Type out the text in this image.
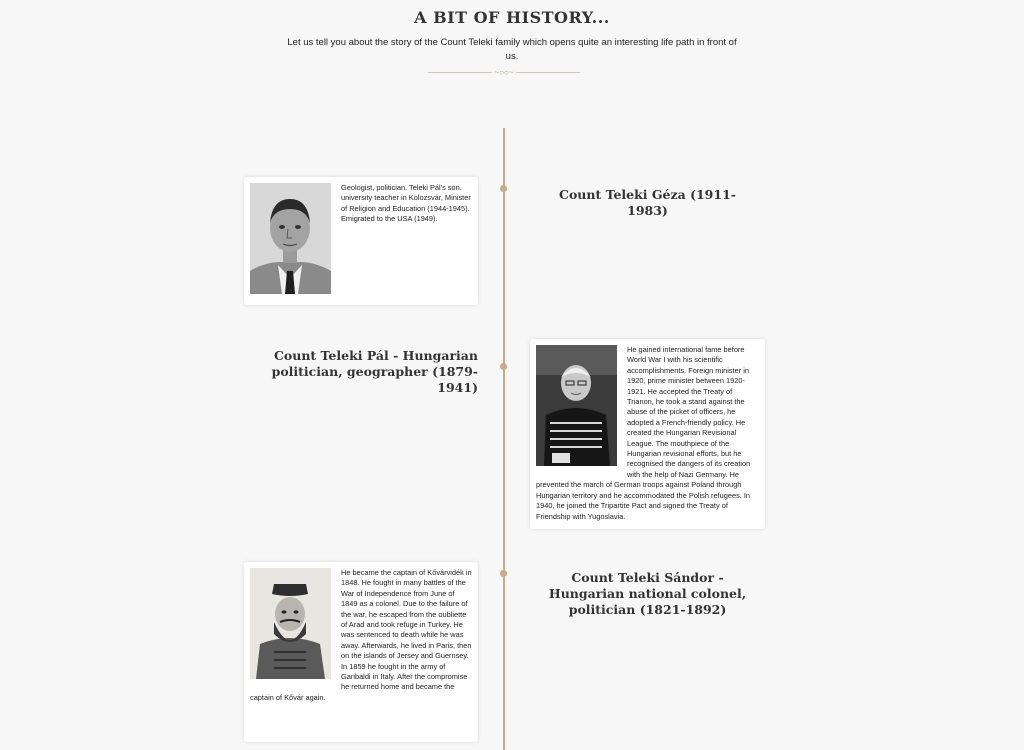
A BIT OF HISTORY...
Let us tell you about the story of the Count Teleki family which opens quite an interesting life path in front of us.
~○○~

Geologist, politician. Teleki Pál's son. university teacher in Kolozsvár, Minister of Religion and Education (1944-1945). Emigrated to the USA (1949).

Count Teleki Géza (1911-1983)
Count Teleki Pál - Hungarian politician, geographer (1879- 1941)

He gained international fame before World War I with his scientific accomplishments. Foreign minister in 1920, prime minister between 1920-1921. He accepted the Treaty of Trianon, he took a stand against the abuse of the picket of officers, he adopted a French-friendly policy. He created the Hungarian Revisional League. The mouthpiece of the Hungarian revisional efforts, but he recognised the dangers of its creation with the help of Nazi Germany. He prevented the march of German troops against Poland through Hungarian territory and he accommodated the Polish refugees. In 1940, he joined the Tripartite Pact and signed the Treaty of Friendship with Yugoslavia.

He became the captain of Kővárvidék in 1848. He fought in many battles of the War of Independence from June of 1849 as a colonel. Due to the failure of the war, he escaped from the oubliette of Arad and took refuge in Turkey. He was sentenced to death while he was away. Afterwards, he lived in Paris, then on the islands of Jersey and Guernsey. In 1859 he fought in the army of Garibaldi in Italy. After the compromise he returned home and became the captain of Kővár again.

Count Teleki Sándor - Hungarian national colonel, politician (1821-1892)
